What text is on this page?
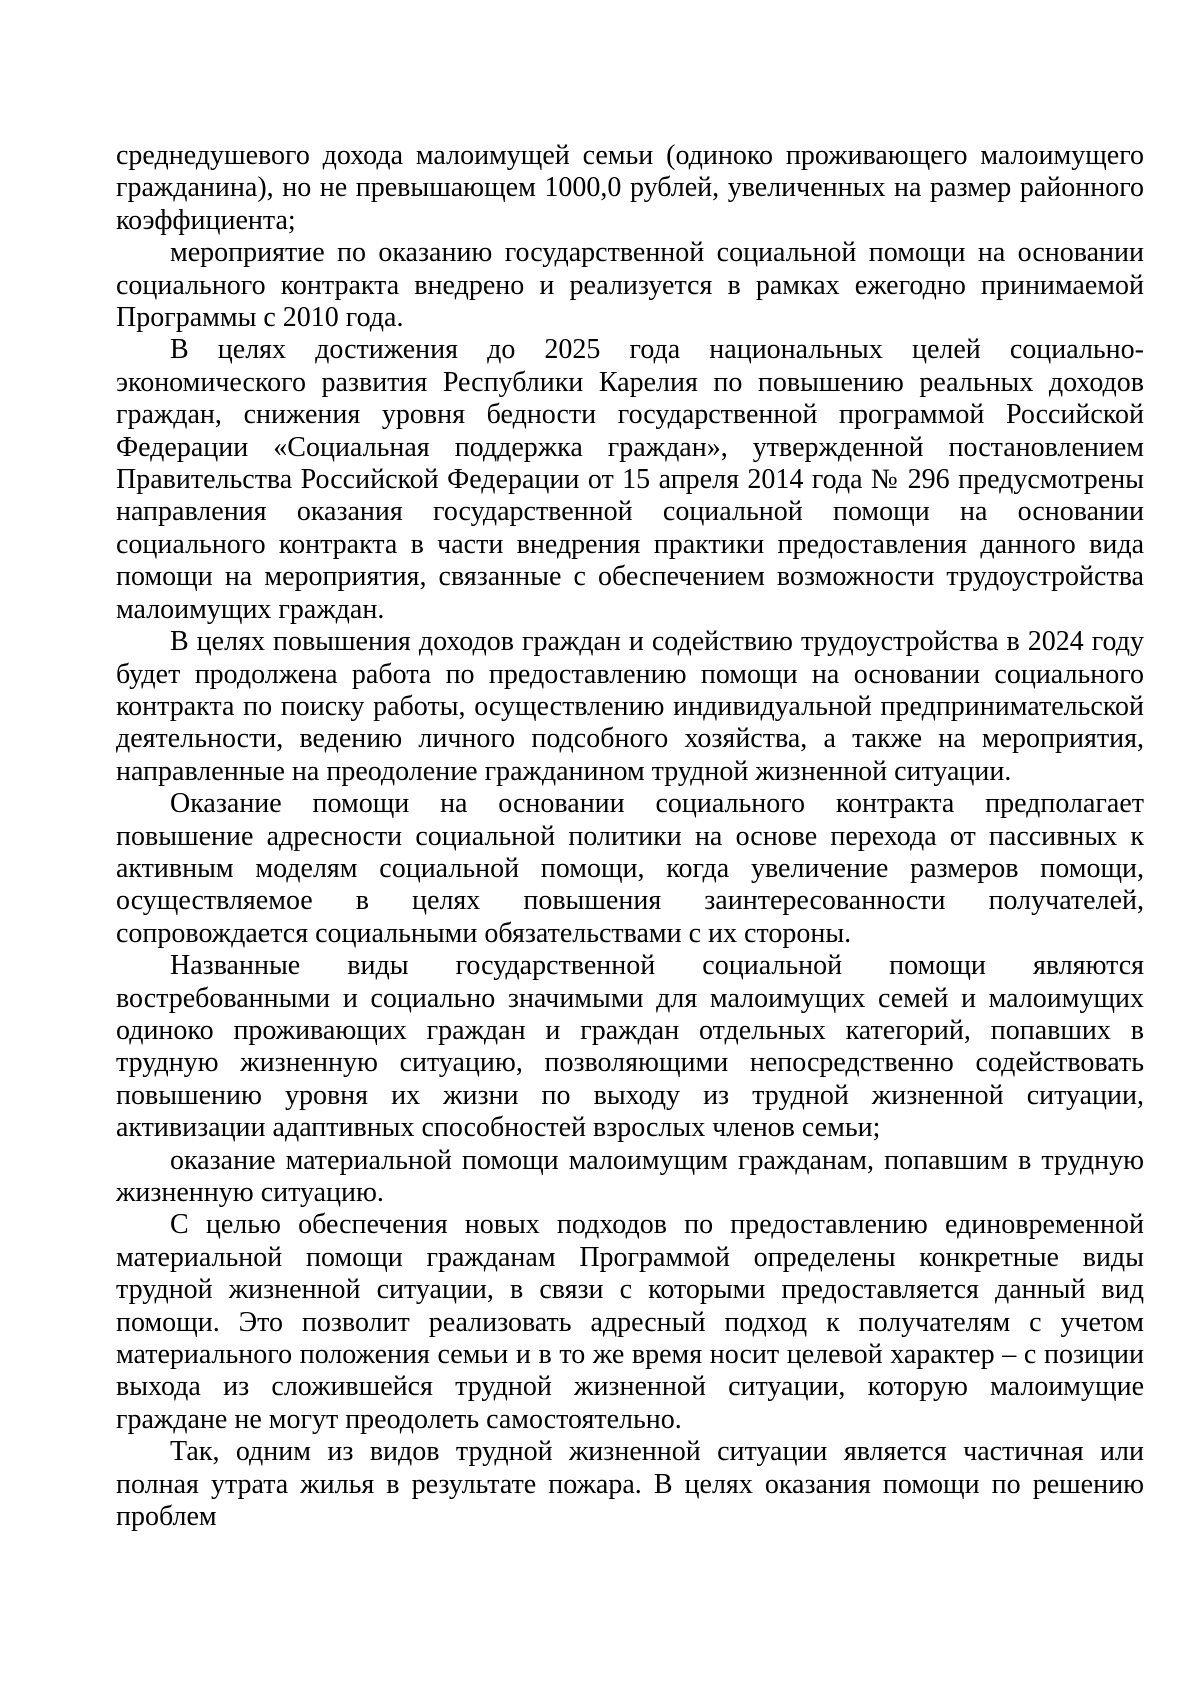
среднедушевого дохода малоимущей семьи (одиноко проживающего малоимущего гражданина), но не превышающем 1000,0 рублей, увеличенных на размер районного коэффициента;

мероприятие по оказанию государственной социальной помощи на основании социального контракта внедрено и реализуется в рамках ежегодно принимаемой Программы с 2010 года.

В целях достижения до 2025 года национальных целей социально-экономического развития Республики Карелия по повышению реальных доходов граждан, снижения уровня бедности государственной программой Российской Федерации «Социальная поддержка граждан», утвержденной постановлением Правительства Российской Федерации от 15 апреля 2014 года № 296 предусмотрены направления оказания государственной социальной помощи на основании социального контракта в части внедрения практики предоставления данного вида помощи на мероприятия, связанные с обеспечением возможности трудоустройства малоимущих граждан.

В целях повышения доходов граждан и содействию трудоустройства в 2024 году будет продолжена работа по предоставлению помощи на основании социального контракта по поиску работы, осуществлению индивидуальной предпринимательской деятельности, ведению личного подсобного хозяйства, а также на мероприятия, направленные на преодоление гражданином трудной жизненной ситуации.

Оказание помощи на основании социального контракта предполагает повышение адресности социальной политики на основе перехода от пассивных к активным моделям социальной помощи, когда увеличение размеров помощи, осуществляемое в целях повышения заинтересованности получателей, сопровождается социальными обязательствами с их стороны.

Названные виды государственной социальной помощи являются востребованными и социально значимыми для малоимущих семей и малоимущих одиноко проживающих граждан и граждан отдельных категорий, попавших в трудную жизненную ситуацию, позволяющими непосредственно содействовать повышению уровня их жизни по выходу из трудной жизненной ситуации, активизации адаптивных способностей взрослых членов семьи;

оказание материальной помощи малоимущим гражданам, попавшим в трудную жизненную ситуацию.

С целью обеспечения новых подходов по предоставлению единовременной материальной помощи гражданам Программой определены конкретные виды трудной жизненной ситуации, в связи с которыми предоставляется данный вид помощи. Это позволит реализовать адресный подход к получателям с учетом материального положения семьи и в то же время носит целевой характер – с позиции выхода из сложившейся трудной жизненной ситуации, которую малоимущие граждане не могут преодолеть самостоятельно.

Так, одним из видов трудной жизненной ситуации является частичная или полная утрата жилья в результате пожара. В целях оказания помощи по решению проблем
